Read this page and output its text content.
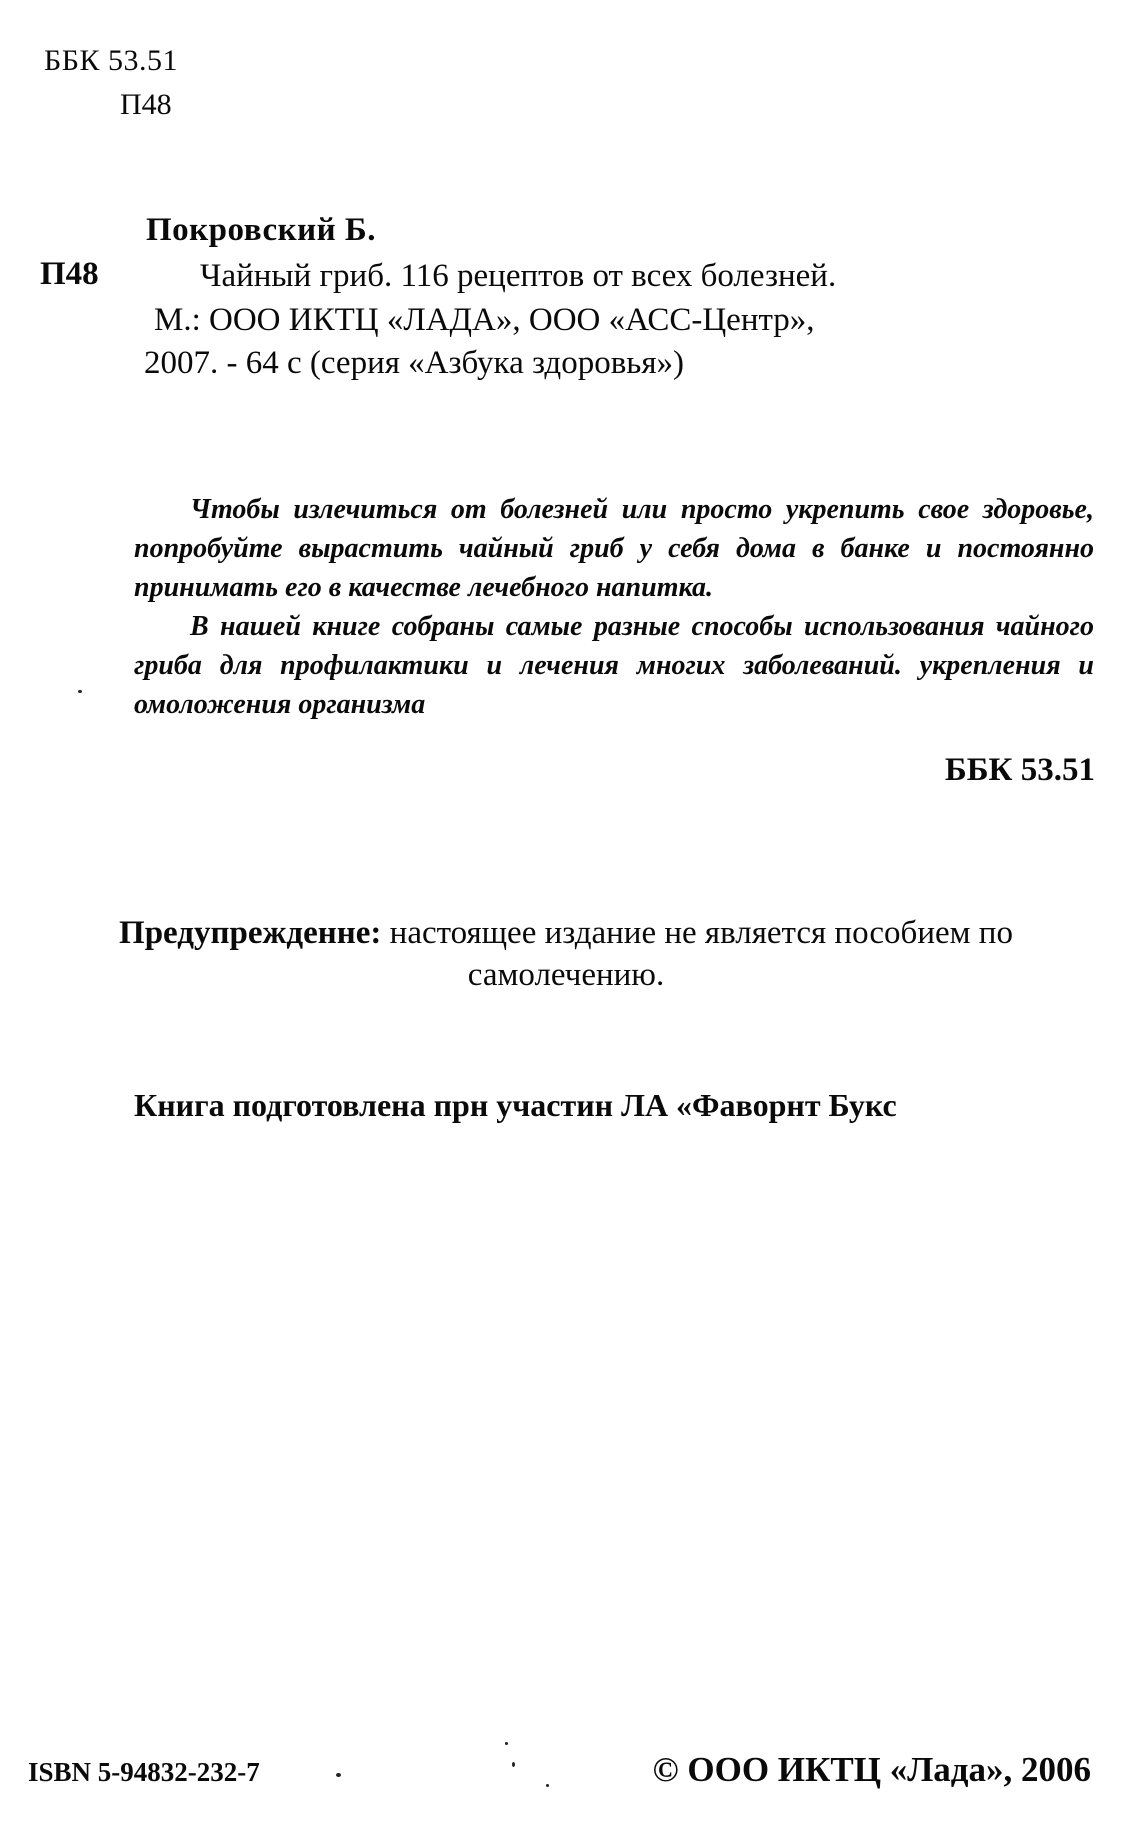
ББК 53.51
П48
Покровский Б.
П48	Чайный гриб. 116 рецептов от всех болезней.
М.: ООО ИКТЦ «ЛАДА», ООО «АСС-Центр»,
2007. - 64 с (серия «Азбука здоровья»)

Чтобы излечиться от болезней или просто укрепить свое здоровье, попробуйте вырастить чайный гриб у себя дома в банке и постоянно принимать его в качестве лечебного напитка.

В нашей книге собраны самые разные способы использования чайного гриба для профилактики и лечения многих заболеваний. укрепления и омоложения организма

ББК 53.51
Предупрежденне: настоящее издание не является пособием по самолечению.
Книга подготовлена прн участин ЛА «Фаворнт Букс
ISBN 5-94832-232-7	© ООО ИКТЦ «Лада», 2006
